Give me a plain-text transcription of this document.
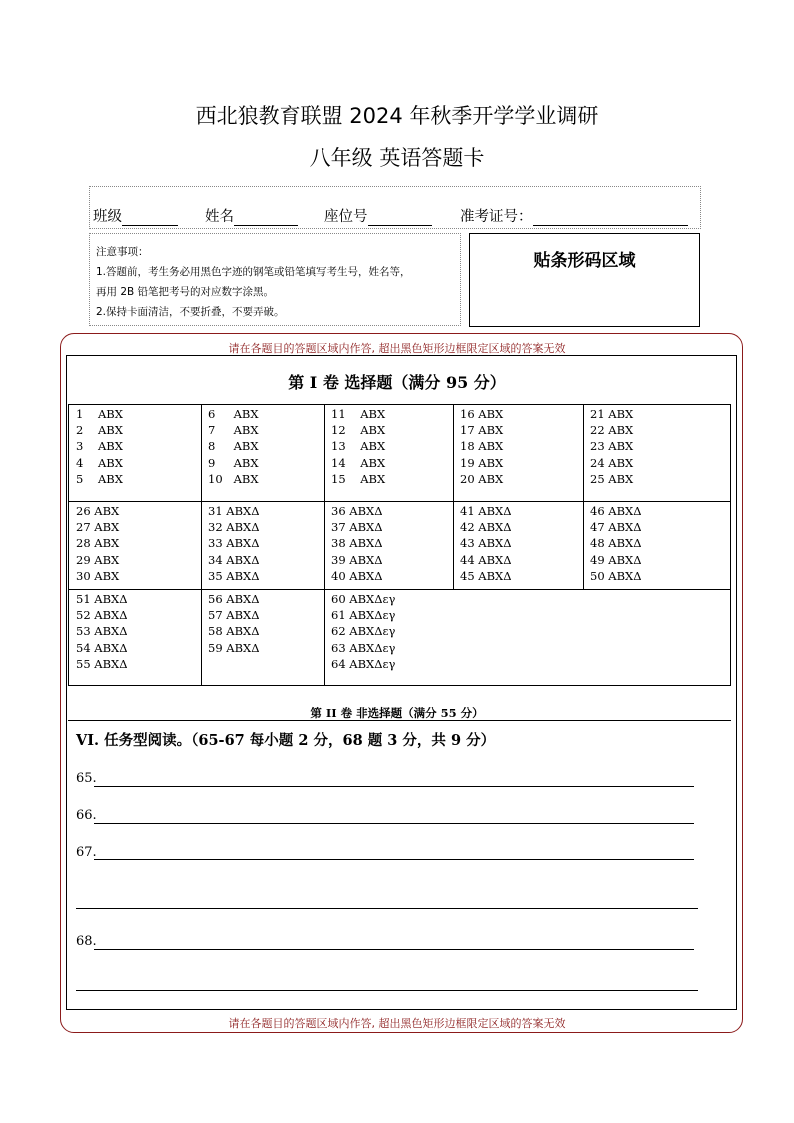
西北狼教育联盟 2024 年秋季开学学业调研
八年级 英语答题卡
班级	姓名	座位号	准考证号：

注意事项：

1.答题前，考生务必用黑色字迹的钢笔或铅笔填写考生号，姓名等，

再用 2B 铅笔把考号的对应数字涂黑。

2.保持卡面清洁，不要折叠，不要弄破。

贴条形码区域
请在各题目的答题区域内作答, 超出黑色矩形边框限定区域的答案无效
请在各题目的答题区域内作答, 超出黑色矩形边框限定区域的答案无效
第 I 卷 选择题（满分 95 分）
1    ABX
2    ABX
3    ABX
4    ABX
5    ABX
6     ABX
7     ABX
8     ABX
9     ABX
10   ABX
11    ABX
12    ABX
13    ABX
14    ABX
15    ABX
16 ABX
17 ABX
18 ABX
19 ABX
20 ABX
21 ABX
22 ABX
23 ABX
24 ABX
25 ABX
26 ABX
27 ABX
28 ABX
29 ABX
30 ABX
31 ABXΔ
32 ABXΔ
33 ABXΔ
34 ABXΔ
35 ABXΔ
36 ABXΔ
37 ABXΔ
38 ABXΔ
39 ABXΔ
40 ABXΔ
41 ABXΔ
42 ABXΔ
43 ABXΔ
44 ABXΔ
45 ABXΔ
46 ABXΔ
47 ABXΔ
48 ABXΔ
49 ABXΔ
50 ABXΔ
51 ABXΔ
52 ABXΔ
53 ABXΔ
54 ABXΔ
55 ABXΔ
56 ABXΔ
57 ABXΔ
58 ABXΔ
59 ABXΔ
60 ABXΔεγ
61 ABXΔεγ
62 ABXΔεγ
63 ABXΔεγ
64 ABXΔεγ
第 II 卷 非选择题（满分 55 分）
VI. 任务型阅读。（65-67 每小题 2 分，68 题 3 分，共 9 分）
65.
66.
67.
68.
